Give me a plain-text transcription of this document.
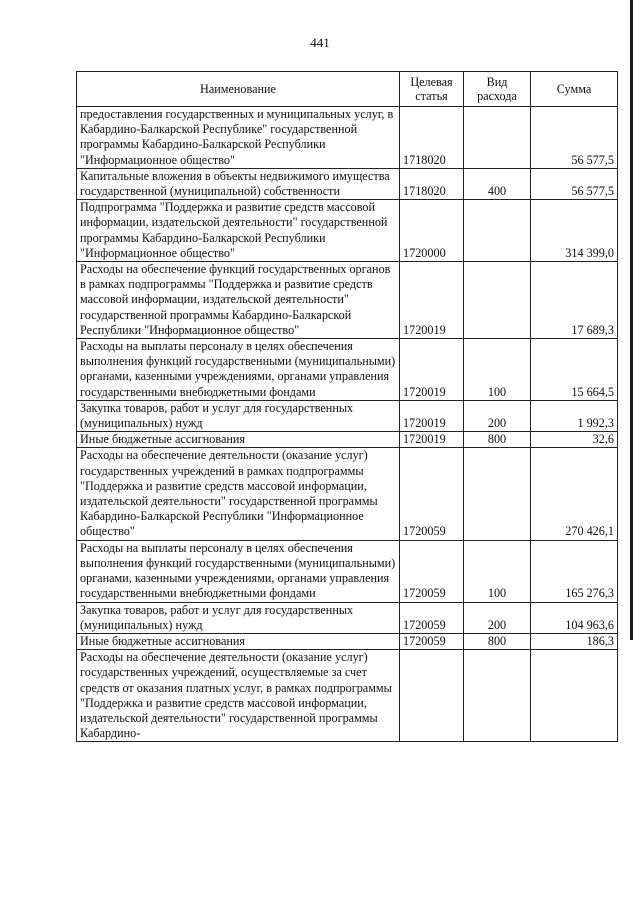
441
Наименование	Целевая статья	Вид расхода	Сумма
предоставления государственных и муниципальных услуг, в Кабардино-Балкарской Республике" государственной программы Кабардино-Балкарской Республики "Информационное общество"	1718020		56 577,5
Капитальные вложения в объекты недвижимого имущества государственной (муниципальной) собственности	1718020	400	56 577,5
Подпрограмма "Поддержка и развитие средств массовой информации, издательской деятельности" государственной программы Кабардино-Балкарской Республики "Информационное общество"	1720000		314 399,0
Расходы на обеспечение функций государственных органов в рамках подпрограммы "Поддержка и развитие средств массовой информации, издательской деятельности" государственной программы Кабардино-Балкарской Республики "Информационное общество"	1720019		17 689,3
Расходы на выплаты персоналу в целях обеспечения выполнения функций государственными (муниципальными) органами, казенными учреждениями, органами управления государственными внебюджетными фондами	1720019	100	15 664,5
Закупка товаров, работ и услуг для государственных (муниципальных) нужд	1720019	200	1 992,3
Иные бюджетные ассигнования	1720019	800	32,6
Расходы на обеспечение деятельности (оказание услуг) государственных учреждений в рамках подпрограммы "Поддержка и развитие средств массовой информации, издательской деятельности" государственной программы Кабардино-Балкарской Республики "Информационное общество"	1720059		270 426,1
Расходы на выплаты персоналу в целях обеспечения выполнения функций государственными (муниципальными) органами, казенными учреждениями, органами управления государственными внебюджетными фондами	1720059	100	165 276,3
Закупка товаров, работ и услуг для государственных (муниципальных) нужд	1720059	200	104 963,6
Иные бюджетные ассигнования	1720059	800	186,3
Расходы на обеспечение деятельности (оказание услуг) государственных учреждений, осуществляемые за счет средств от оказания платных услуг, в рамках подпрограммы "Поддержка и развитие средств массовой информации, издательской деятельности" государственной программы Кабардино-			
